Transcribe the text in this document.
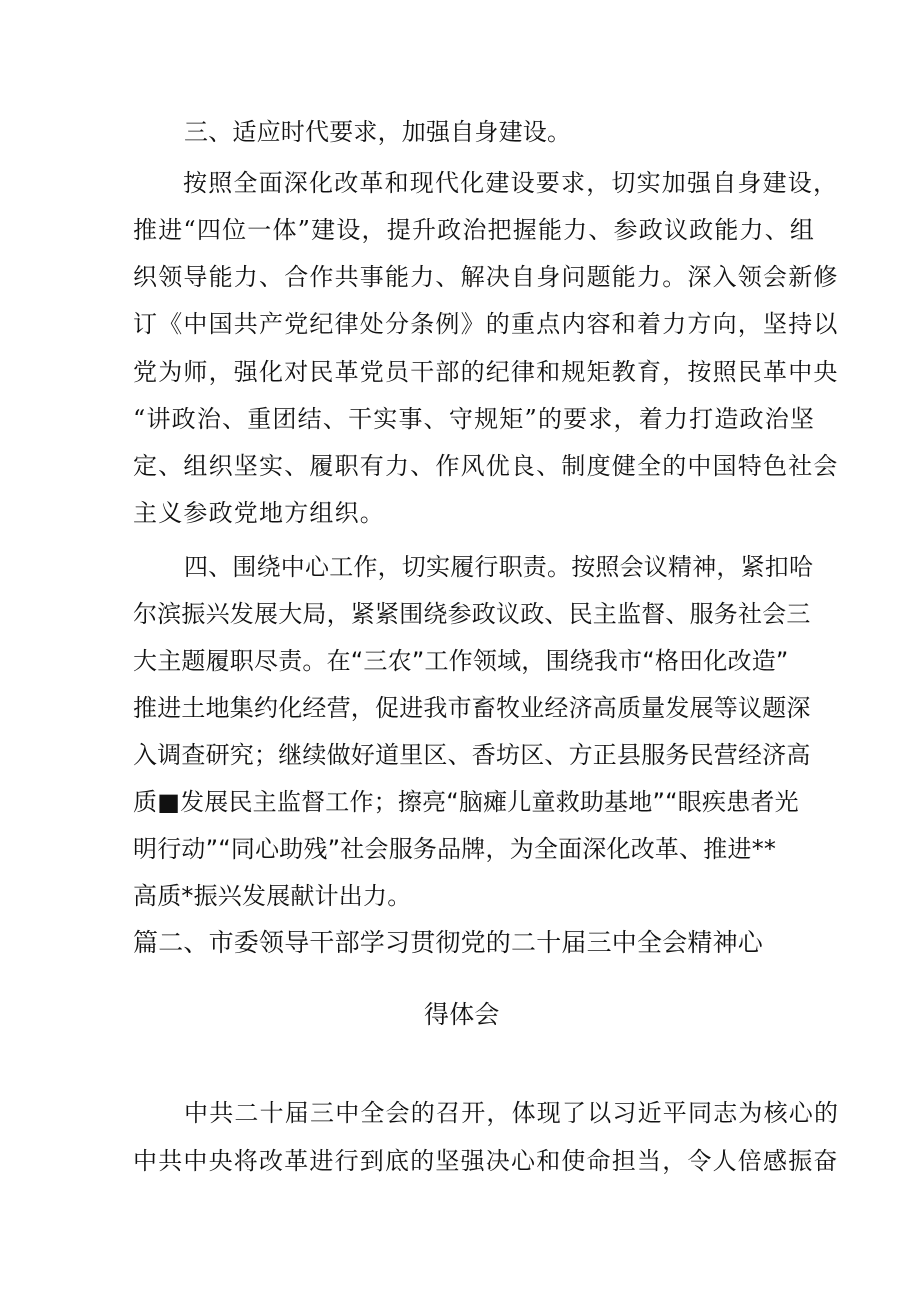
三、适应时代要求，加强自身建设。
按照全面深化改革和现代化建设要求，切实加强自身建设，
推进“四位一体”建设，提升政治把握能力、参政议政能力、组
织领导能力、合作共事能力、解决自身问题能力。深入领会新修
订《中国共产党纪律处分条例》的重点内容和着力方向，坚持以
党为师，强化对民革党员干部的纪律和规矩教育，按照民革中央
“讲政治、重团结、干实事、守规矩”的要求，着力打造政治坚
定、组织坚实、履职有力、作风优良、制度健全的中国特色社会
主义参政党地方组织。
四、围绕中心工作，切实履行职责。按照会议精神，紧扣哈
尔滨振兴发展大局，紧紧围绕参政议政、民主监督、服务社会三
大主题履职尽责。在“三农”工作领域，围绕我市“格田化改造”
推进土地集约化经营，促进我市畜牧业经济高质量发展等议题深
入调查研究；继续做好道里区、香坊区、方正县服务民营经济高
质■发展民主监督工作；擦亮“脑瘫儿童救助基地”“眼疾患者光
明行动”“同心助残”社会服务品牌，为全面深化改革、推进**
高质*振兴发展献计出力。
篇二、市委领导干部学习贯彻党的二十届三中全会精神心
得体会
中共二十届三中全会的召开，体现了以习近平同志为核心的
中共中央将改革进行到底的坚强决心和使命担当，令人倍感振奋
